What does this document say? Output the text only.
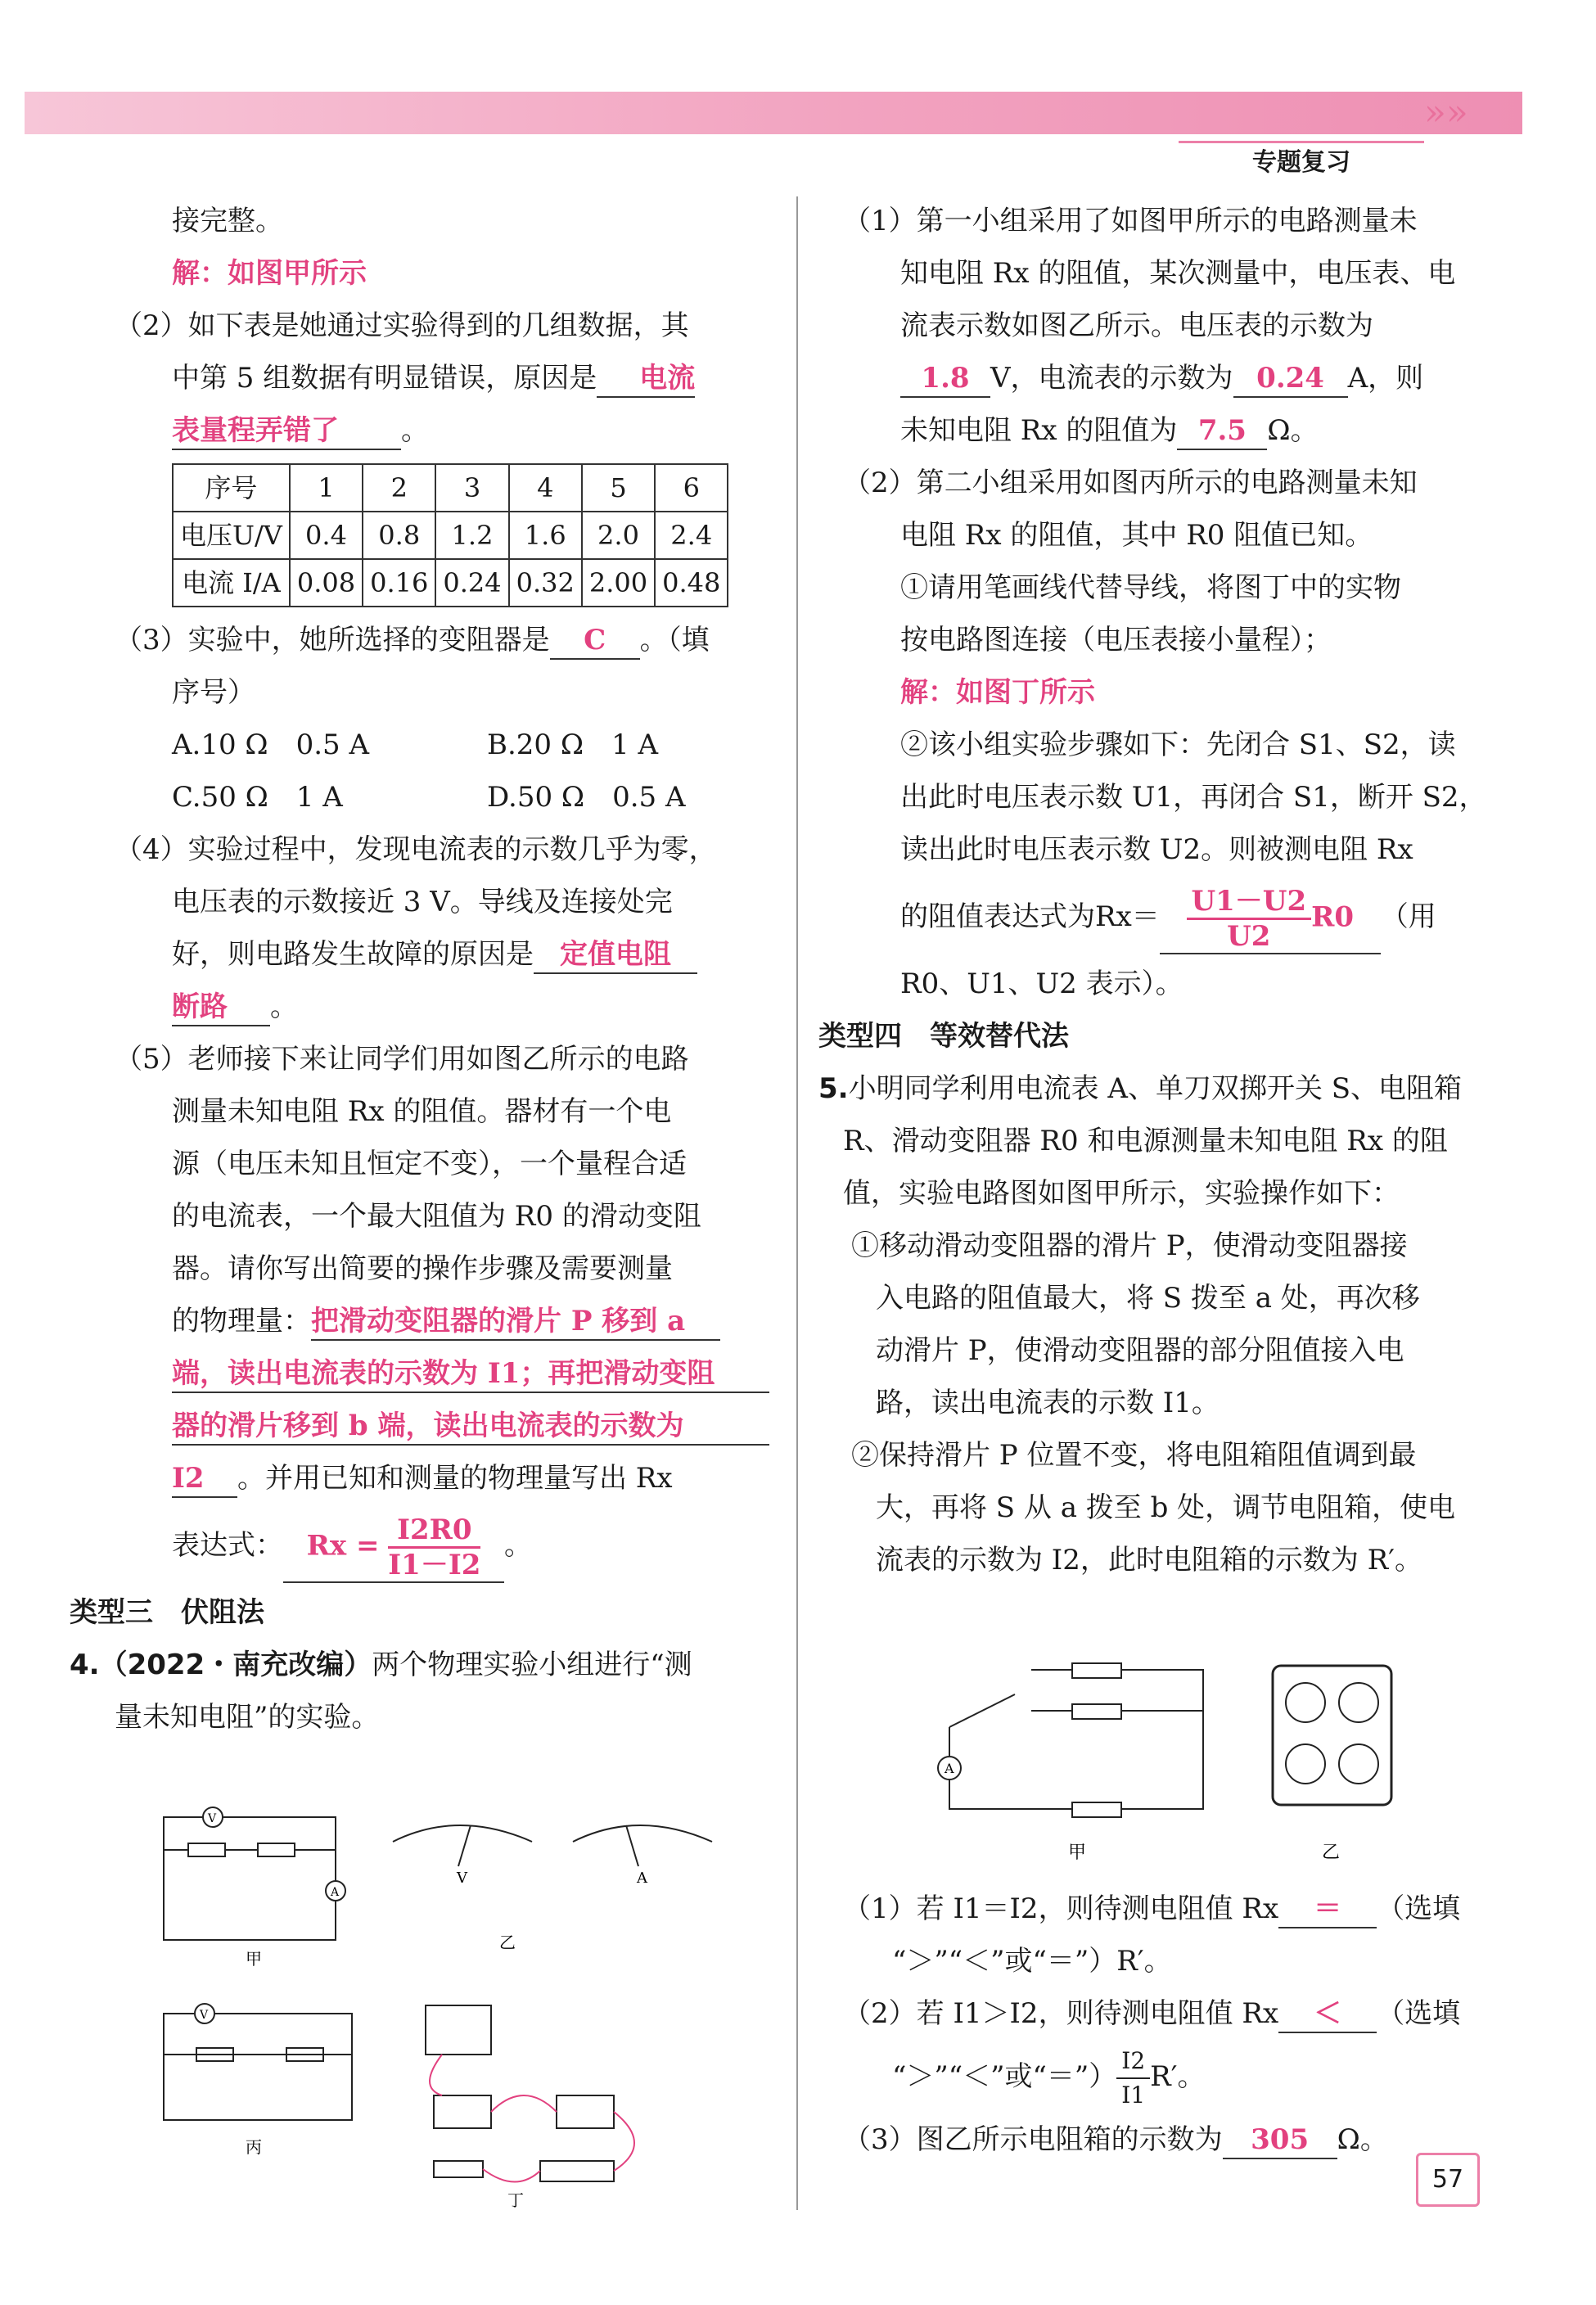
»»
专题复习

接完整。

解：如图甲所示

（2）如下表是她通过实验得到的几组数据，其

中第 5 组数据有明显错误，原因是 电流

表量程弄错了 。

序号	1	2	3	4	5	6
电压U/V	0.4	0.8	1.2	1.6	2.0	2.4
电流 I/A	0.08	0.16	0.24	0.32	2.00	0.48

（3）实验中，她所选择的变阻器是 C 。（填

序号）

A.10 Ω　0.5 A	B.20 Ω　1 A

C.50 Ω　1 A	D.50 Ω　0.5 A

（4）实验过程中，发现电流表的示数几乎为零，

电压表的示数接近 3 V。导线及连接处完

好，则电路发生故障的原因是 定值电阻

断路 。

（5）老师接下来让同学们用如图乙所示的电路

测量未知电阻 Rx 的阻值。器材有一个电

源（电压未知且恒定不变），一个量程合适

的电流表，一个最大阻值为 R0 的滑动变阻

器。请你写出简要的操作步骤及需要测量

的物理量：把滑动变阻器的滑片 P 移到 a

端，读出电流表的示数为 I1；再把滑动变阻

器的滑片移到 b 端，读出电流表的示数为

I2 。并用已知和测量的物理量写出 Rx

表达式： $Rx = \frac{I2R0}{I1-I2}$ 。

类型三　伏阻法

4.（2022・南充改编）两个物理实验小组进行“测

量未知电阻”的实验。

V
A
甲
V	A
乙
V
丙
丁

（1）第一小组采用了如图甲所示的电路测量未

知电阻 Rx 的阻值，某次测量中，电压表、电

流表示数如图乙所示。电压表的示数为

1.8 V，电流表的示数为 0.24 A，则

未知电阻 Rx 的阻值为 7.5 Ω。

（2）第二小组采用如图丙所示的电路测量未知

电阻 Rx 的阻值，其中 R0 阻值已知。

①请用笔画线代替导线，将图丁中的实物

按电路图连接（电压表接小量程）；

解：如图丁所示

②该小组实验步骤如下：先闭合 S1、S2，读

出此时电压表示数 U1，再闭合 S1，断开 S2，

读出此时电压表示数 U2。则被测电阻 Rx

的阻值表达式为$Rx= \frac{U1-U2}{U2} R0$ （用

R0、U1、U2 表示）。

类型四　等效替代法

5.小明同学利用电流表 A、单刀双掷开关 S、电阻箱

R、滑动变阻器 R0 和电源测量未知电阻 Rx 的阻

值，实验电路图如图甲所示，实验操作如下：

①移动滑动变阻器的滑片 P，使滑动变阻器接

入电路的阻值最大，将 S 拨至 a 处，再次移

动滑片 P，使滑动变阻器的部分阻值接入电

路，读出电流表的示数 I1。

②保持滑片 P 位置不变，将电阻箱阻值调到最

大，再将 S 从 a 拨至 b 处，调节电阻箱，使电

流表的示数为 I2，此时电阻箱的示数为 R′。

A
甲	乙

（1）若 I1＝I2，则待测电阻值 Rx ＝ （选填

“＞”“＜”或“＝”）R′。

（2）若 I1＞I2，则待测电阻值 Rx ＜ （选填

“＞”“＜”或“＝”） $\frac{I2}{I1} R'$。

（3）图乙所示电阻箱的示数为 305 Ω。

57
